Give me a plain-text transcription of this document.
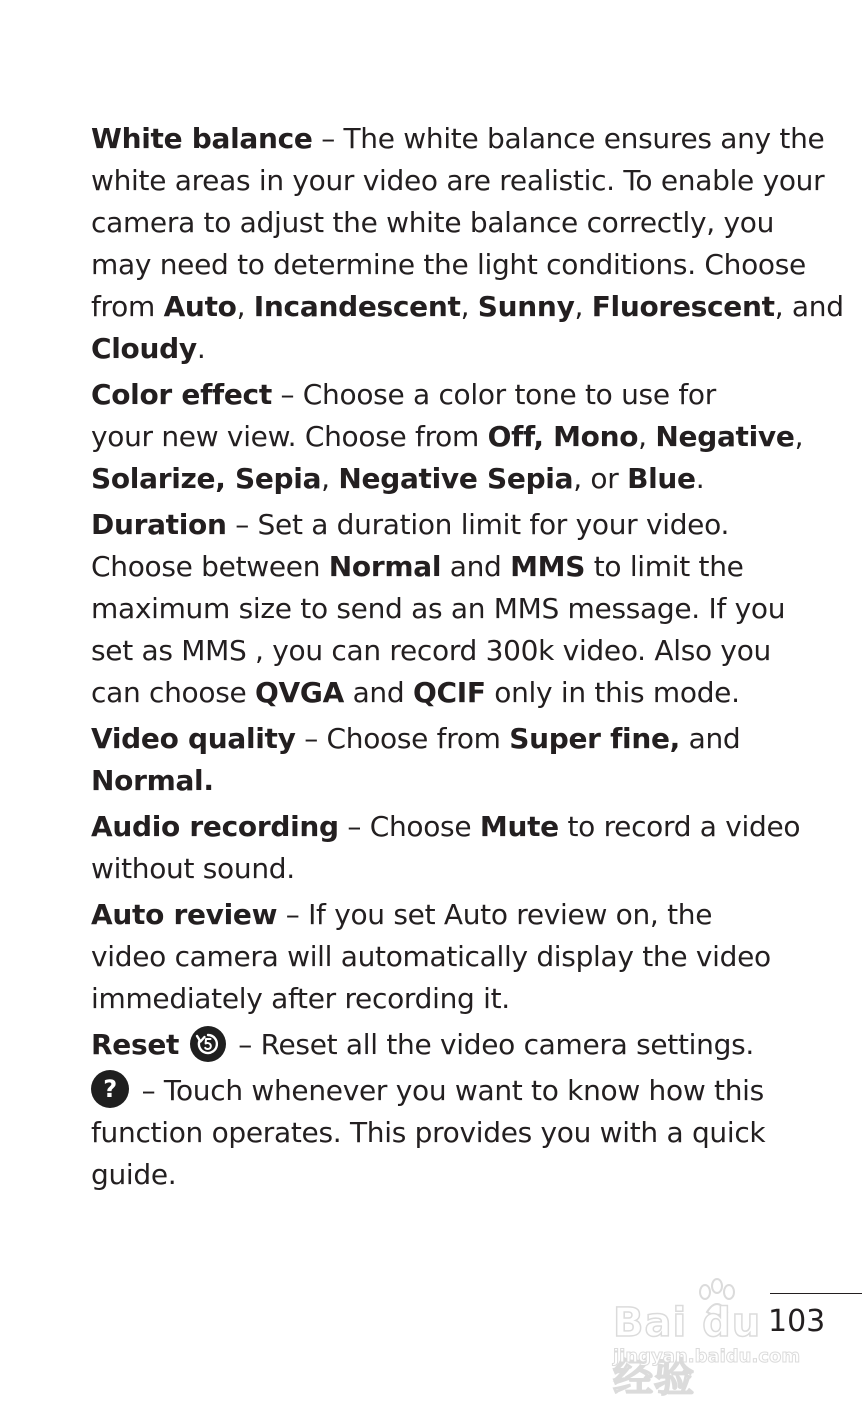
White balance – The white balance ensures any the
white areas in your video are realistic. To enable your
camera to adjust the white balance correctly, you
may need to determine the light conditions. Choose
from Auto, Incandescent, Sunny, Fluorescent, and
Cloudy.
Color effect – Choose a color tone to use for
your new view. Choose from Off, Mono, Negative,
Solarize, Sepia, Negative Sepia, or Blue.
Duration – Set a duration limit for your video.
Choose between Normal and MMS to limit the
maximum size to send as an MMS message. If you
set as MMS , you can record 300k video. Also you
can choose QVGA and QCIF only in this mode.
Video quality – Choose from Super fine, and
Normal.
Audio recording – Choose Mute to record a video
without sound.
Auto review – If you set Auto review on, the
video camera will automatically display the video
immediately after recording it.
Reset
– Reset all the video camera settings.
? – Touch whenever you want to know how this
function operates. This provides you with a quick
guide.
Bai du 经验
jingyan.baidu.com
103
